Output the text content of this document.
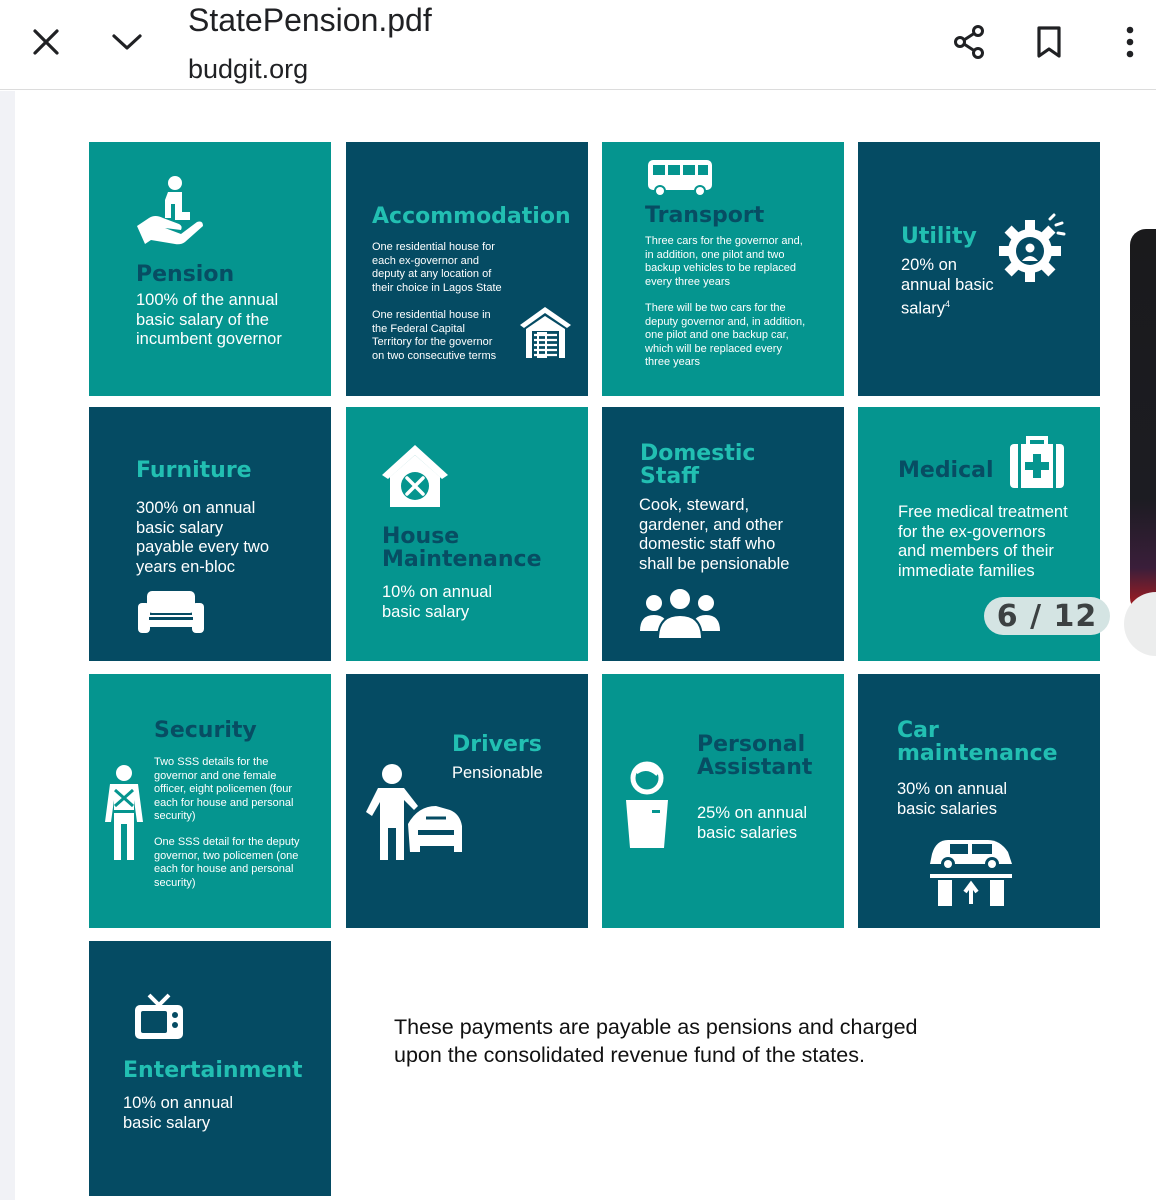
StatePension.pdf
budgit.org
Pension
100% of the annual
basic salary of the
incumbent governor
Accommodation
One residential house for
each ex-governor and
deputy at any location of
their choice in Lagos State
One residential house in
the Federal Capital
Territory for the governor
on two consecutive terms
Transport
Three cars for the governor and,
in addition, one pilot and two
backup vehicles to be replaced
every three years
There will be two cars for the
deputy governor and, in addition,
one pilot and one backup car,
which will be replaced every
three years
Utility
20% on
annual basic
salary$^4$
Furniture
300% on annual
basic salary
payable every two
years en-bloc
House
Maintenance
10% on annual
basic salary
Domestic
Staff
Cook, steward,
gardener, and other
domestic staff who
shall be pensionable
Medical
Free medical treatment
for the ex-governors
and members of their
immediate families
Security
Two SSS details for the
governor and one female
officer, eight policemen (four
each for house and personal
security)
One SSS detail for the deputy
governor, two policemen (one
each for house and personal
security)
Drivers
Pensionable
Personal
Assistant
25% on annual
basic salaries
Car
maintenance
30% on annual
basic salaries
Entertainment
10% on annual
basic salary
These payments are payable as pensions and charged
upon the consolidated revenue fund of the states.
6 / 12
